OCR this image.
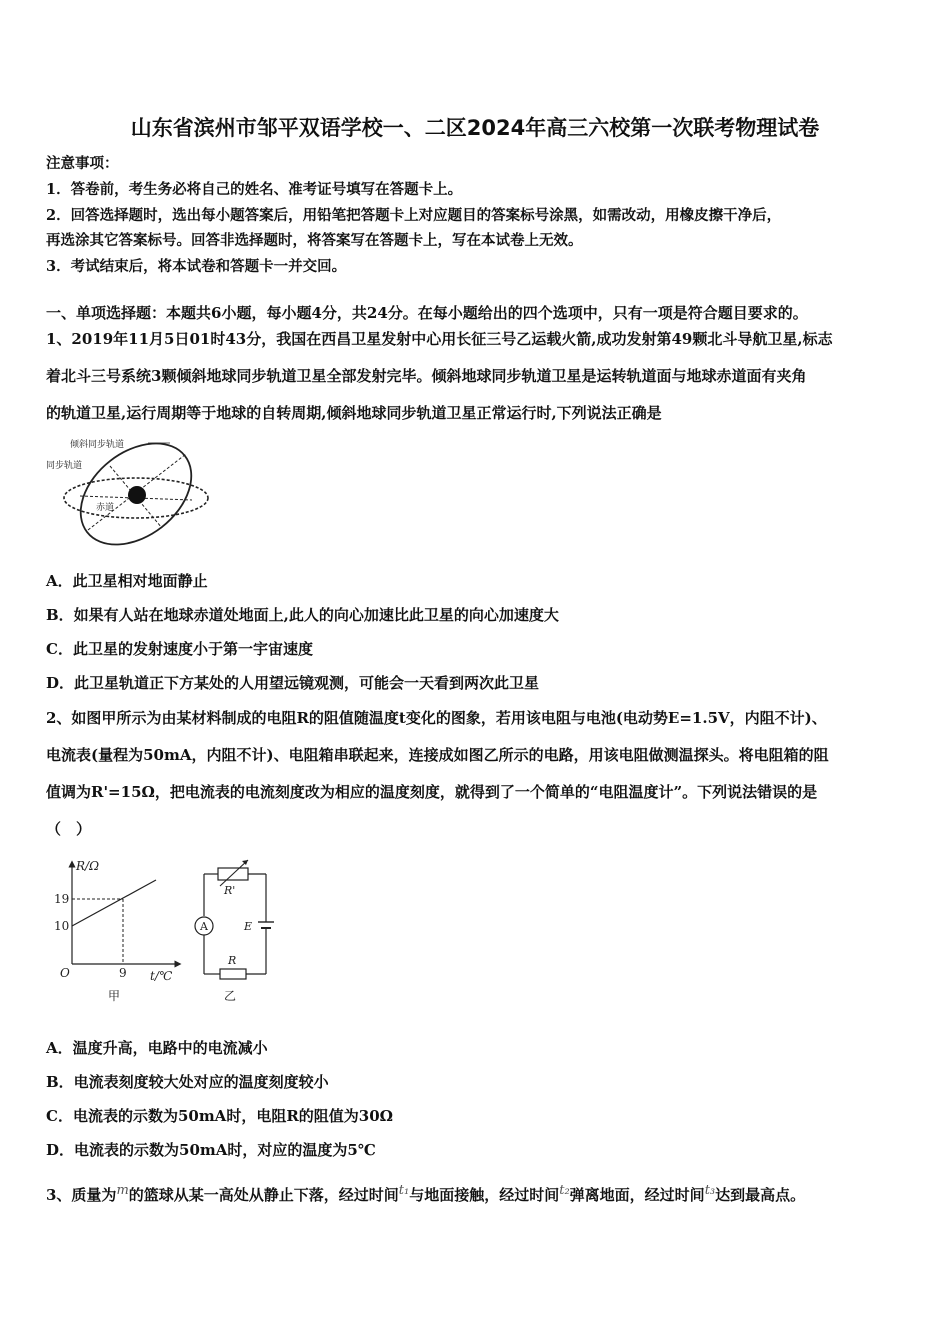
山东省滨州市邹平双语学校一、二区2024年高三六校第一次联考物理试卷
注意事项：
1．答卷前，考生务必将自己的姓名、准考证号填写在答题卡上。
2．回答选择题时，选出每小题答案后，用铅笔把答题卡上对应题目的答案标号涂黑，如需改动，用橡皮擦干净后，
再选涂其它答案标号。回答非选择题时，将答案写在答题卡上，写在本试卷上无效。
3．考试结束后，将本试卷和答题卡一并交回。
一、单项选择题：本题共6小题，每小题4分，共24分。在每小题给出的四个选项中，只有一项是符合题目要求的。
1、2019年11月5日01时43分，我国在西昌卫星发射中心用长征三号乙运载火箭,成功发射第49颗北斗导航卫星,标志
着北斗三号系统3颗倾斜地球同步轨道卫星全部发射完毕。倾斜地球同步轨道卫星是运转轨道面与地球赤道面有夹角
的轨道卫星,运行周期等于地球的自转周期,倾斜地球同步轨道卫星正常运行时,下列说法正确是
倾斜同步轨道
同步轨道
赤道
A．此卫星相对地面静止
B．如果有人站在地球赤道处地面上,此人的向心加速比此卫星的向心加速度大
C．此卫星的发射速度小于第一宇宙速度
D．此卫星轨道正下方某处的人用望远镜观测，可能会一天看到两次此卫星
2、如图甲所示为由某材料制成的电阻R的阻值随温度t变化的图象，若用该电阻与电池(电动势E=1.5V，内阻不计)、
电流表(量程为50mA，内阻不计)、电阻箱串联起来，连接成如图乙所示的电路，用该电阻做测温探头。将电阻箱的阻
值调为R'=15Ω，把电流表的电流刻度改为相应的温度刻度，就得到了一个简单的“电阻温度计”。下列说法错误的是
（　）
R/Ω
19
10
O	9 t/℃
甲
R'
A	E
R
乙
A．温度升高，电路中的电流减小
B．电流表刻度较大处对应的温度刻度较小
C．电流表的示数为50mA时，电阻R的阻值为30Ω
D．电流表的示数为50mA时，对应的温度为5℃
3、质量为m的篮球从某一高处从静止下落，经过时间t₁与地面接触，经过时间t₂弹离地面，经过时间t₃达到最高点。
